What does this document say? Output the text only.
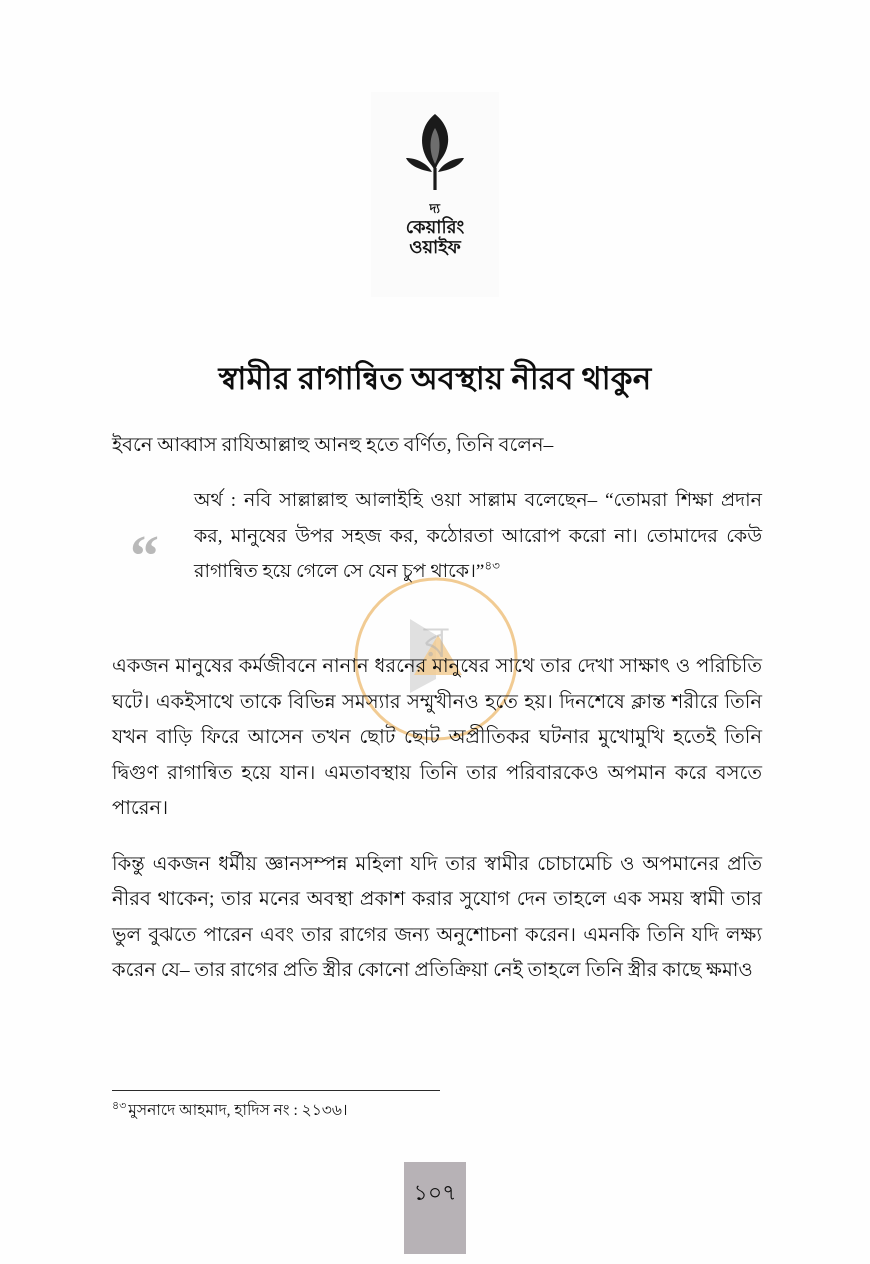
দ্য
কেয়ারিং
ওয়াইফ
স্বামীর রাগান্বিত অবস্থায় নীরব থাকুন
র

ইবনে আব্বাস রাযিআল্লাহু আনহু হতে বর্ণিত, তিনি বলেন–

“

অর্থ : নবি সাল্লাল্লাহু আলাইহি ওয়া সাল্লাম বলেছেন– “তোমরা শিক্ষা প্রদান কর, মানুষের উপর সহজ কর, কঠোরতা আরোপ করো না। তোমাদের কেউ রাগান্বিত হয়ে গেলে সে যেন চুপ থাকে।”$^{৪৩}$

একজন মানুষের কর্মজীবনে নানান ধরনের মানুষের সাথে তার দেখা সাক্ষাৎ ও পরিচিতি ঘটে। একইসাথে তাকে বিভিন্ন সমস্যার সম্মুখীনও হতে হয়। দিনশেষে ক্লান্ত শরীরে তিনি যখন বাড়ি ফিরে আসেন তখন ছোট ছোট অপ্রীতিকর ঘটনার মুখোমুখি হতেই তিনি দ্বিগুণ রাগান্বিত হয়ে যান। এমতাবস্থায় তিনি তার পরিবারকেও অপমান করে বসতে পারেন।

কিন্তু একজন ধর্মীয় জ্ঞানসম্পন্ন মহিলা যদি তার স্বামীর চোচামেচি ও অপমানের প্রতি নীরব থাকেন; তার মনের অবস্থা প্রকাশ করার সুযোগ দেন তাহলে এক সময় স্বামী তার ভুল বুঝতে পারেন এবং তার রাগের জন্য অনুশোচনা করেন। এমনকি তিনি যদি লক্ষ্য করেন যে– তার রাগের প্রতি স্ত্রীর কোনো প্রতিক্রিয়া নেই তাহলে তিনি স্ত্রীর কাছে ক্ষমাও

$^{৪৩}$ মুসনাদে আহমাদ, হাদিস নং : ২১৩৬।
১০৭
